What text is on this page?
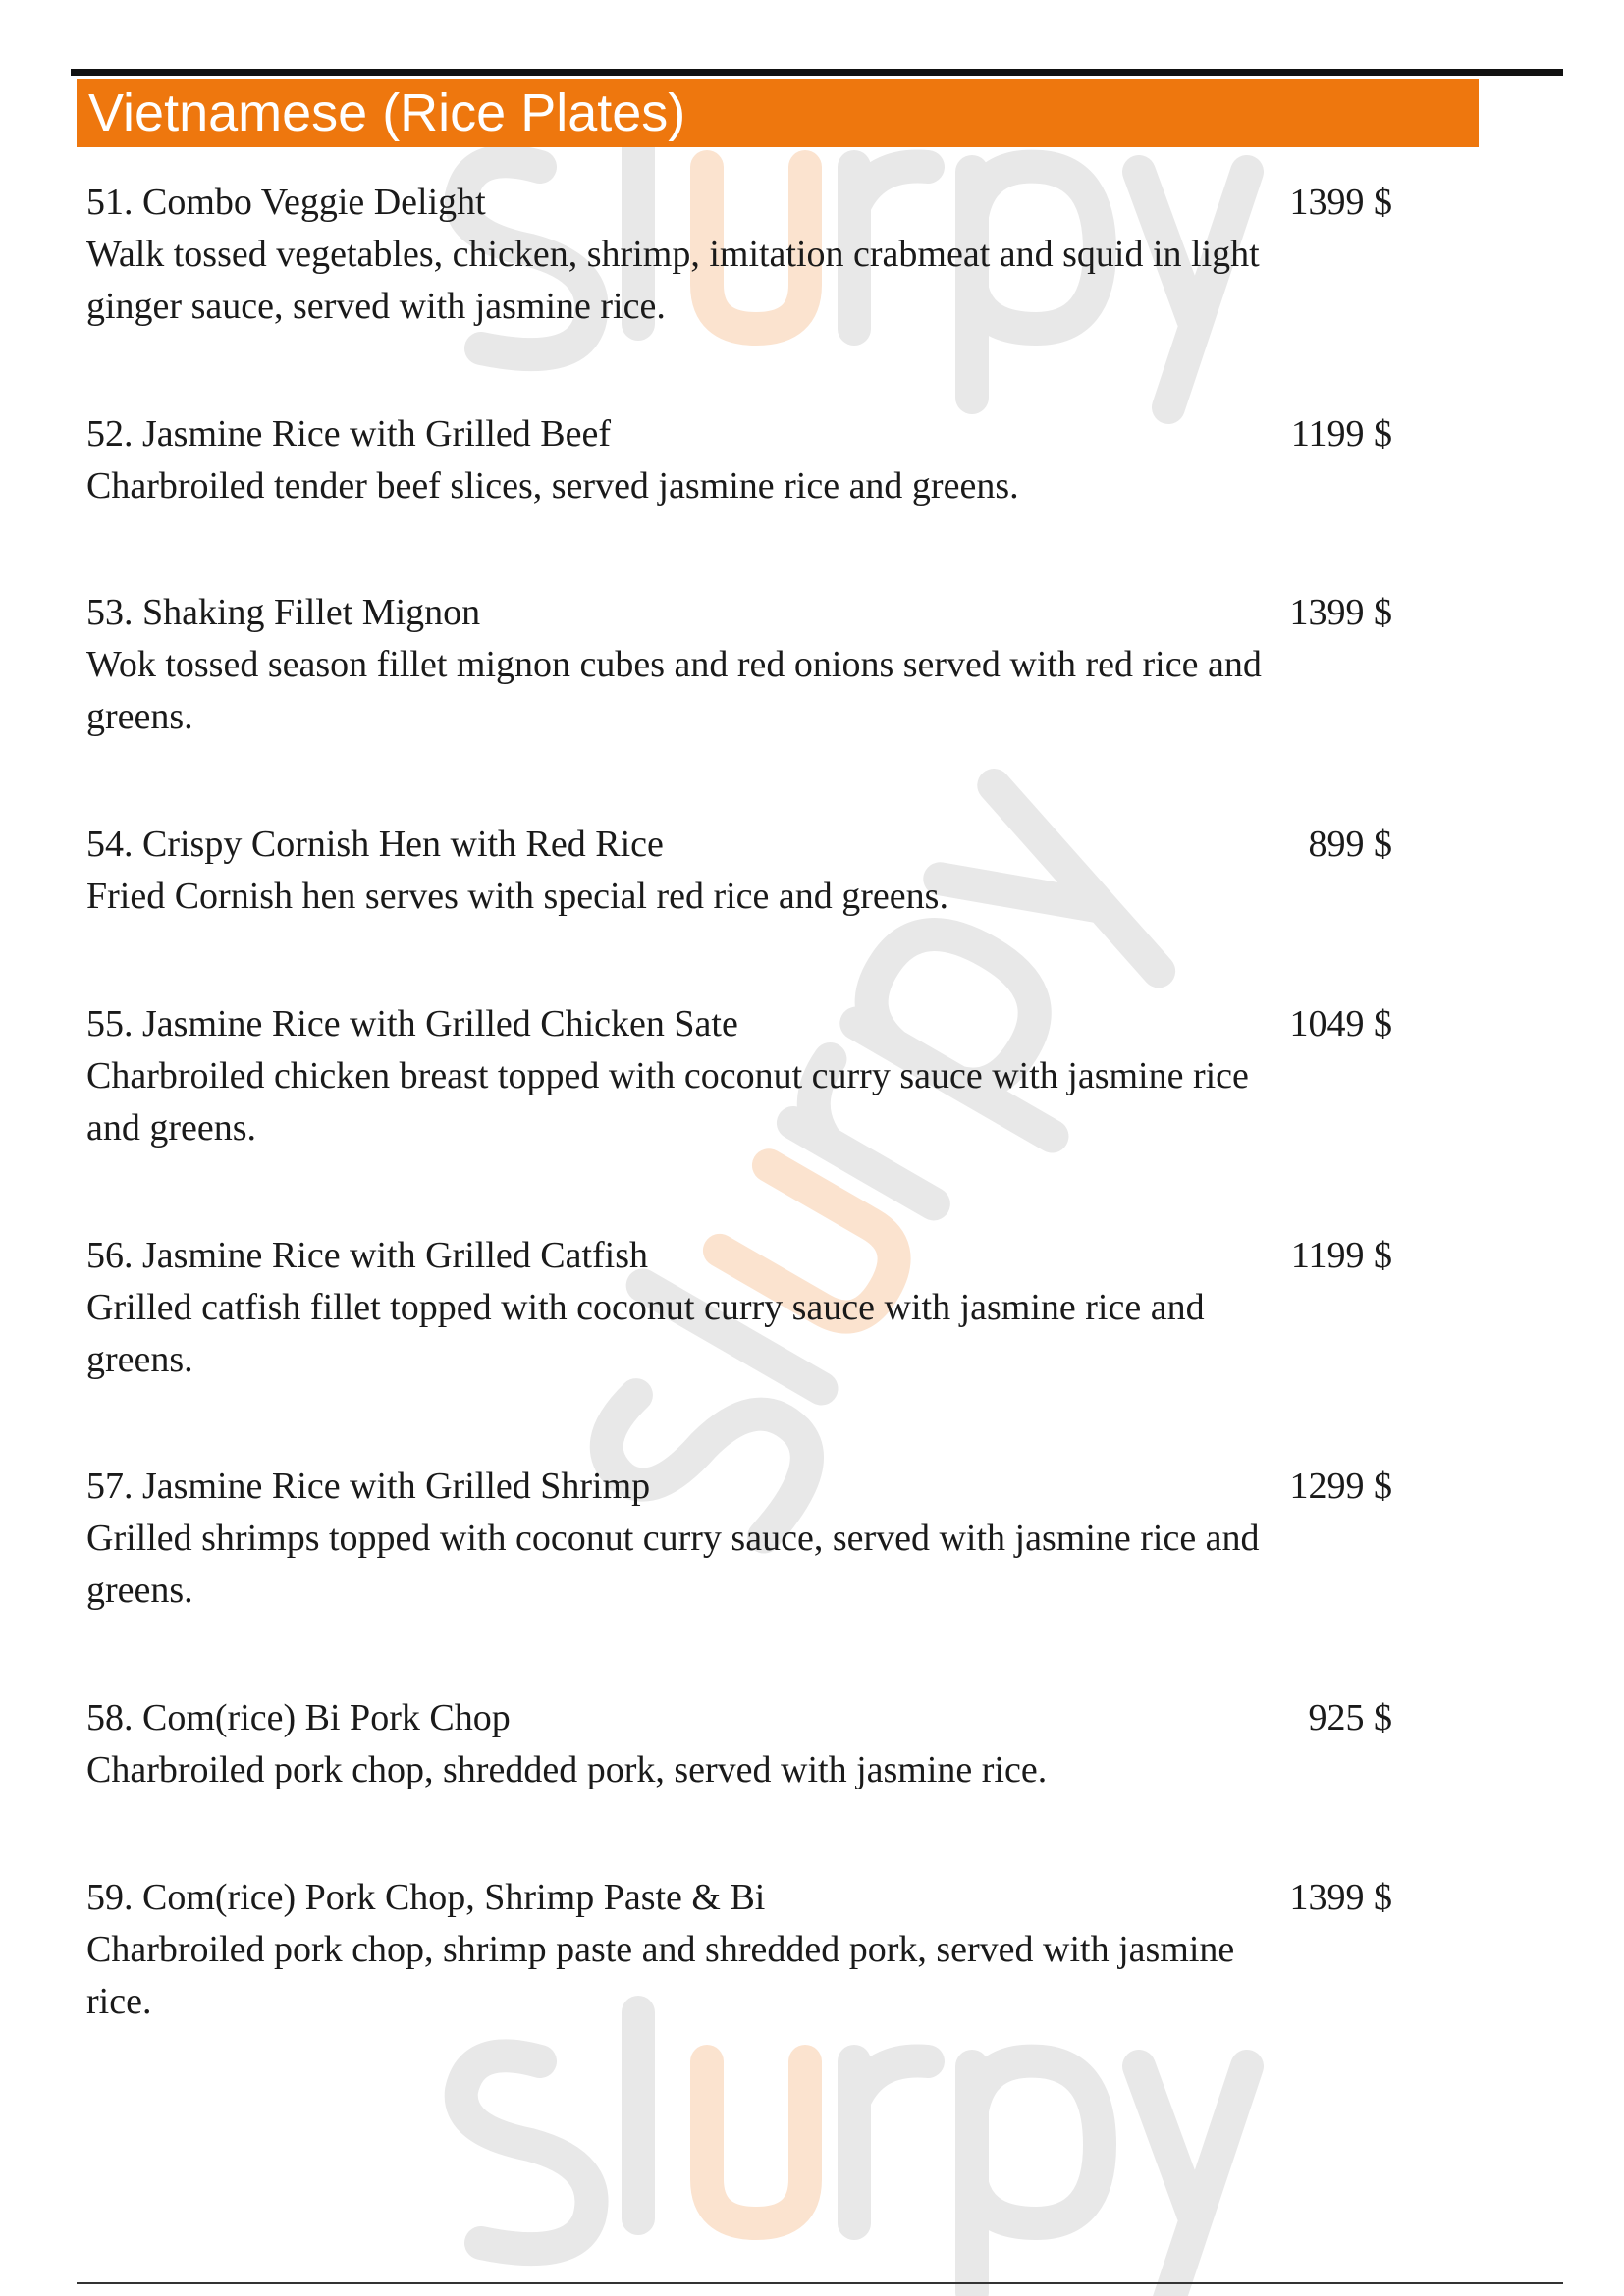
Vietnamese (Rice Plates)
51. Combo Veggie Delight	1399 $
Walk tossed vegetables, chicken, shrimp, imitation crabmeat and squid in light ginger sauce, served with jasmine rice.
52. Jasmine Rice with Grilled Beef	1199 $
Charbroiled tender beef slices, served jasmine rice and greens.
53. Shaking Fillet Mignon	1399 $
Wok tossed season fillet mignon cubes and red onions served with red rice and greens.
54. Crispy Cornish Hen with Red Rice	899 $
Fried Cornish hen serves with special red rice and greens.
55. Jasmine Rice with Grilled Chicken Sate	1049 $
Charbroiled chicken breast topped with coconut curry sauce with jasmine rice and greens.
56. Jasmine Rice with Grilled Catfish	1199 $
Grilled catfish fillet topped with coconut curry sauce with jasmine rice and greens.
57. Jasmine Rice with Grilled Shrimp	1299 $
Grilled shrimps topped with coconut curry sauce, served with jasmine rice and greens.
58. Com(rice) Bi Pork Chop	925 $
Charbroiled pork chop, shredded pork, served with jasmine rice.
59. Com(rice) Pork Chop, Shrimp Paste & Bi	1399 $
Charbroiled pork chop, shrimp paste and shredded pork, served with jasmine rice.
